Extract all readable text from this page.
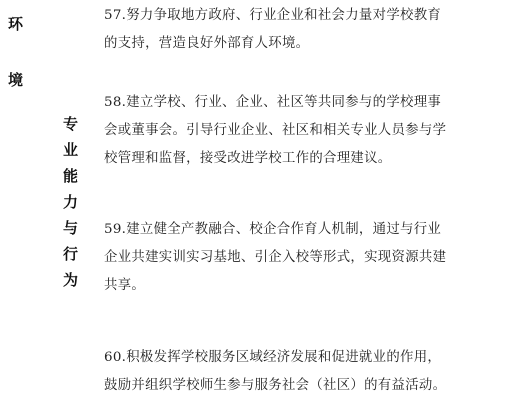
环
境
专
业
能
力
与
行
为

57.努力争取地方政府、行业企业和社会力量对学校教育

的支持，营造良好外部育人环境。

58.建立学校、行业、企业、社区等共同参与的学校理事

会或董事会。引导行业企业、社区和相关专业人员参与学

校管理和监督，接受改进学校工作的合理建议。

59.建立健全产教融合、校企合作育人机制，通过与行业

企业共建实训实习基地、引企入校等形式，实现资源共建

共享。

60.积极发挥学校服务区域经济发展和促进就业的作用，

鼓励并组织学校师生参与服务社会（社区）的有益活动。
